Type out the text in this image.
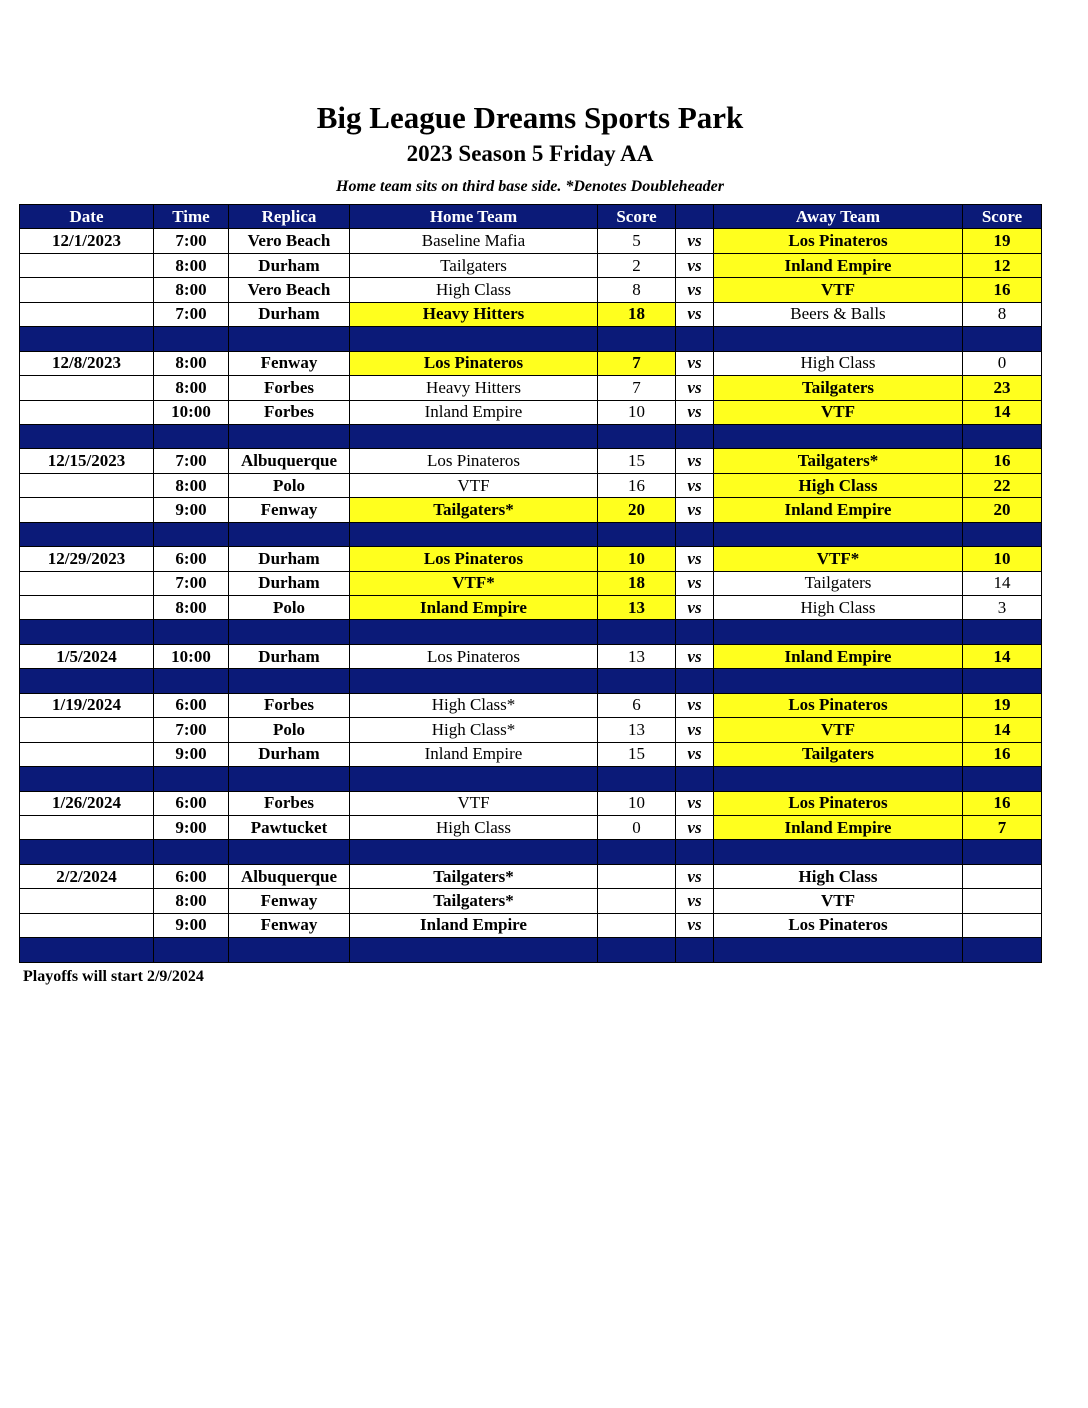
Big League Dreams Sports Park
2023 Season 5 Friday AA
Home team sits on third base side. *Denotes Doubleheader
Date	Time	Replica	Home Team	Score		Away Team	Score
12/1/2023	7:00	Vero Beach	Baseline Mafia	5	vs	Los Pinateros	19
	8:00	Durham	Tailgaters	2	vs	Inland Empire	12
	8:00	Vero Beach	High Class	8	vs	VTF	16
	7:00	Durham	Heavy Hitters	18	vs	Beers & Balls	8

12/8/2023	8:00	Fenway	Los Pinateros	7	vs	High Class	0
	8:00	Forbes	Heavy Hitters	7	vs	Tailgaters	23
	10:00	Forbes	Inland Empire	10	vs	VTF	14

12/15/2023	7:00	Albuquerque	Los Pinateros	15	vs	Tailgaters*	16
	8:00	Polo	VTF	16	vs	High Class	22
	9:00	Fenway	Tailgaters*	20	vs	Inland Empire	20

12/29/2023	6:00	Durham	Los Pinateros	10	vs	VTF*	10
	7:00	Durham	VTF*	18	vs	Tailgaters	14
	8:00	Polo	Inland Empire	13	vs	High Class	3

1/5/2024	10:00	Durham	Los Pinateros	13	vs	Inland Empire	14

1/19/2024	6:00	Forbes	High Class*	6	vs	Los Pinateros	19
	7:00	Polo	High Class*	13	vs	VTF	14
	9:00	Durham	Inland Empire	15	vs	Tailgaters	16

1/26/2024	6:00	Forbes	VTF	10	vs	Los Pinateros	16
	9:00	Pawtucket	High Class	0	vs	Inland Empire	7

2/2/2024	6:00	Albuquerque	Tailgaters*		vs	High Class	
	8:00	Fenway	Tailgaters*		vs	VTF	
	9:00	Fenway	Inland Empire		vs	Los Pinateros	

Playoffs will start 2/9/2024
